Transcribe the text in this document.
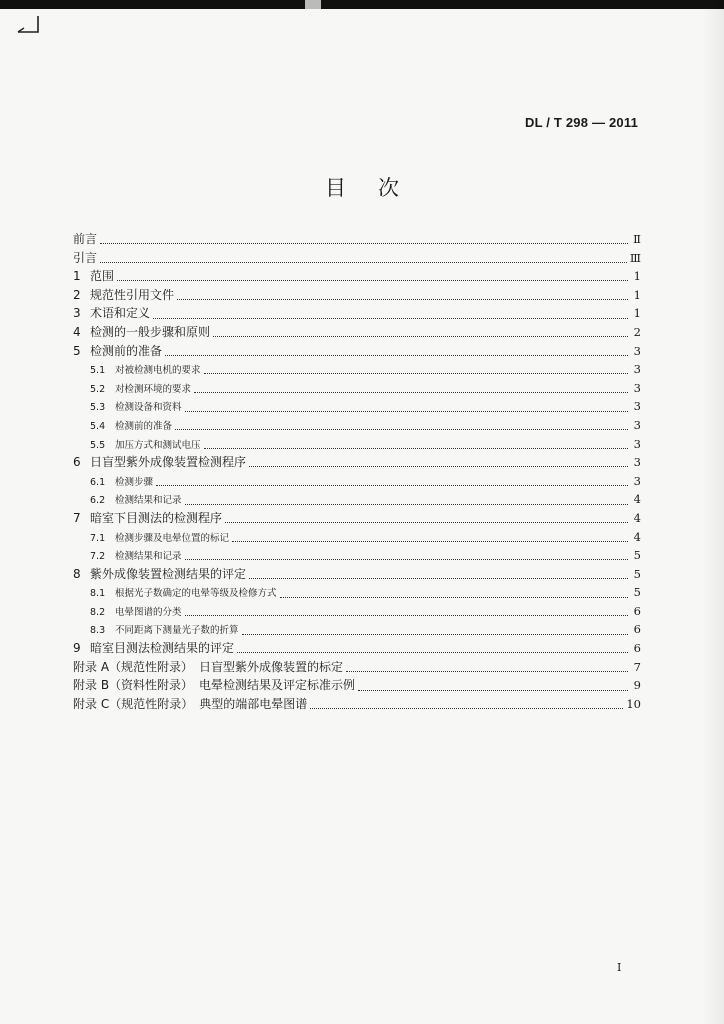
DL / T 298 — 2011
目 次
前言	Ⅱ
引言	Ⅲ
1 范围	1
2 规范性引用文件	1
3 术语和定义	1
4 检测的一般步骤和原则	2
5 检测前的准备	3
5.1	对被检测电机的要求	3
5.2	对检测环境的要求	3
5.3	检测设备和资料	3
5.4	检测前的准备	3
5.5	加压方式和测试电压	3
6 日盲型紫外成像装置检测程序	3
6.1	检测步骤	3
6.2	检测结果和记录	4
7 暗室下目测法的检测程序	4
7.1	检测步骤及电晕位置的标记	4
7.2	检测结果和记录	5
8 紫外成像装置检测结果的评定	5
8.1	根据光子数确定的电晕等级及检修方式	5
8.2	电晕图谱的分类	6
8.3	不同距离下测量光子数的折算	6
9 暗室目测法检测结果的评定	6
附录 A（规范性附录）　日盲型紫外成像装置的标定	7
附录 B（资料性附录）　电晕检测结果及评定标准示例	9
附录 C（规范性附录）　典型的端部电晕图谱	10
I
